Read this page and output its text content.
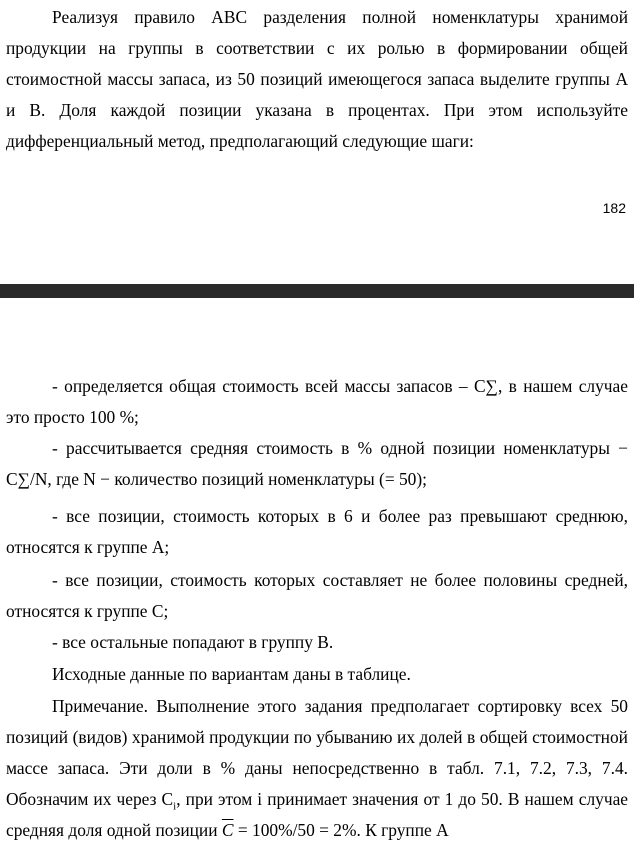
Реализуя правило ABC разделения полной номенклатуры хранимой продукции на группы в соответствии с их ролью в формировании общей стоимостной массы запаса, из 50 позиций имеющегося запаса выделите группы A и B. Доля каждой позиции указана в процентах. При этом используйте дифференциальный метод, предполагающий следующие шаги:

182

- определяется общая стоимость всей массы запасов – C∑, в нашем случае это просто 100 %;

- рассчитывается средняя стоимость в % одной позиции номенклатуры − C∑/N, где N − количество позиций номенклатуры (= 50);

- все позиции, стоимость которых в 6 и более раз превышают среднюю, относятся к группе A;

- все позиции, стоимость которых составляет не более половины средней, относятся к группе C;

- все остальные попадают в группу B.

Исходные данные по вариантам даны в таблице.

Примечание. Выполнение этого задания предполагает сортировку всех 50 позиций (видов) хранимой продукции по убыванию их долей в общей стоимостной массе запаса. Эти доли в % даны непосредственно в табл. 7.1, 7.2, 7.3, 7.4. Обозначим их через $C_i$, при этом i принимает значения от 1 до 50. В нашем случае средняя доля одной позиции $\overline{C} = 100\%/50 = 2\%$. К группе A
